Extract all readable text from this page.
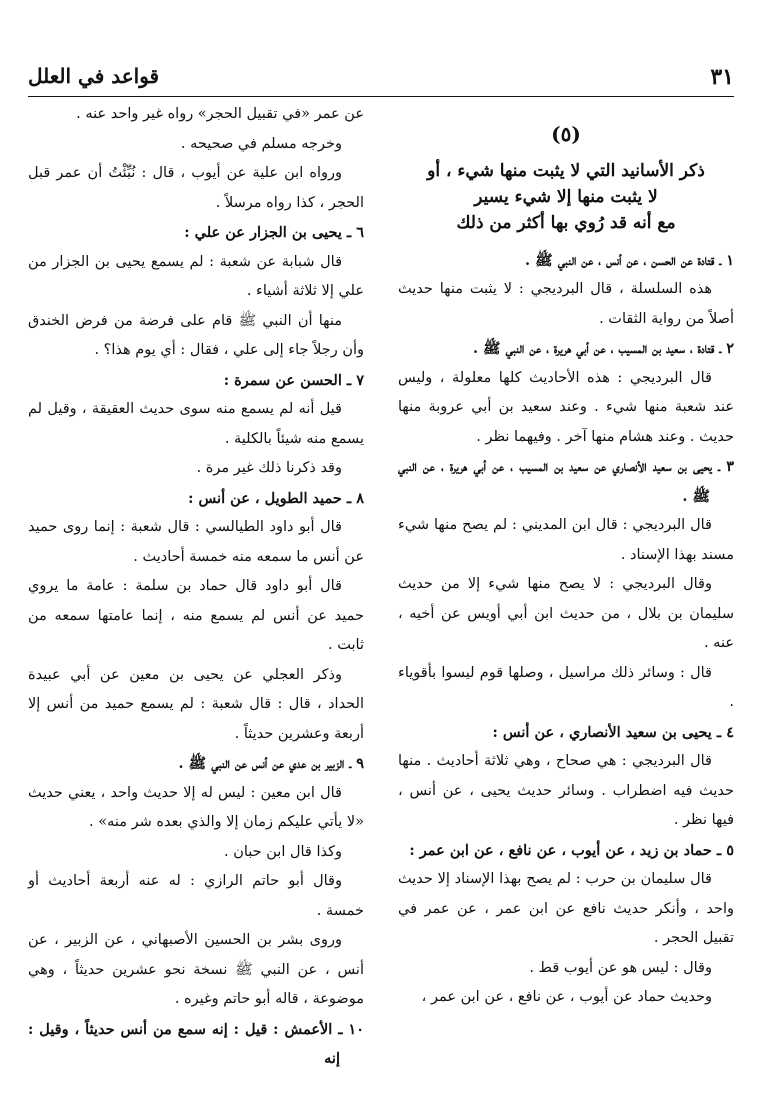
٣١
قواعد في العلل
(٥)
ذكر الأسانيد التي لا يثبت منها شيء ، أو
لا يثبت منها إلا شيء يسير
مع أنه قد رُوي بها أكثر من ذلك

١ ـ قتادة عن الحسن ، عن أنس ، عن النبي ﷺ .

هذه السلسلة ، قال البرديجي : لا يثبت منها حديث أصلاً من رواية الثقات .

٢ ـ قتادة ، سعيد بن المسيب ، عن أبي هريرة ، عن النبي ﷺ .

قال البرديجي : هذه الأحاديث كلها معلولة ، وليس عند شعبة منها شيء . وعند سعيد بن أبي عروبة منها حديث . وعند هشام منها آخر . وفيهما نظر .

٣ ـ يحيى بن سعيد الأنصاري عن سعيد بن المسيب ، عن أبي هريرة ، عن النبي ﷺ .

قال البرديجي : قال ابن المديني : لم يصح منها شيء مسند بهذا الإسناد .

وقال البرديجي : لا يصح منها شيء إلا من حديث سليمان بن بلال ، من حديث ابن أبي أويس عن أخيه ، عنه .

قال : وسائر ذلك مراسيل ، وصلها قوم ليسوا بأقوياء .

٤ ـ يحيى بن سعيد الأنصاري ، عن أنس :

قال البرديجي : هي صحاح ، وهي ثلاثة أحاديث . منها حديث فيه اضطراب . وسائر حديث يحيى ، عن أنس ، فيها نظر .

٥ ـ حماد بن زيد ، عن أيوب ، عن نافع ، عن ابن عمر :

قال سليمان بن حرب : لم يصح بهذا الإسناد إلا حديث واحد ، وأنكر حديث نافع عن ابن عمر ، عن عمر في تقبيل الحجر .

وقال : ليس هو عن أيوب قط .

وحديث حماد عن أيوب ، عن نافع ، عن ابن عمر ،

عن عمر «في تقبيل الحجر» رواه غير واحد عنه .

وخرجه مسلم في صحيحه .

ورواه ابن علية عن أيوب ، قال : نُبِّئْتُ أن عمر قبل الحجر ، كذا رواه مرسلاً .

٦ ـ يحيى بن الجزار عن علي :

قال شبابة عن شعبة : لم يسمع يحيى بن الجزار من علي إلا ثلاثة أشياء .

منها أن النبي ﷺ قام على فرضة من فرض الخندق وأن رجلاً جاء إلى علي ، فقال : أي يوم هذا؟ .

٧ ـ الحسن عن سمرة :

قيل أنه لم يسمع منه سوى حديث العقيقة ، وقيل لم يسمع منه شيئاً بالكلية .

وقد ذكرنا ذلك غير مرة .

٨ ـ حميد الطويل ، عن أنس :

قال أبو داود الطيالسي : قال شعبة : إنما روى حميد عن أنس ما سمعه منه خمسة أحاديث .

قال أبو داود قال حماد بن سلمة : عامة ما يروي حميد عن أنس لم يسمع منه ، إنما عامتها سمعه من ثابت .

وذكر العجلي عن يحيى بن معين عن أبي عبيدة الحداد ، قال : قال شعبة : لم يسمع حميد من أنس إلا أربعة وعشرين حديثاً .

٩ ـ الزبير بن عدي عن أنس عن النبي ﷺ .

قال ابن معين : ليس له إلا حديث واحد ، يعني حديث «لا يأتي عليكم زمان إلا والذي بعده شر منه» .

وكذا قال ابن حبان .

وقال أبو حاتم الرازي : له عنه أربعة أحاديث أو خمسة .

وروى بشر بن الحسين الأصبهاني ، عن الزبير ، عن أنس ، عن النبي ﷺ نسخة نحو عشرين حديثاً ، وهي موضوعة ، قاله أبو حاتم وغيره .

١٠ ـ الأعمش : قيل : إنه سمع من أنس حديثاً ، وقيل : إنه
